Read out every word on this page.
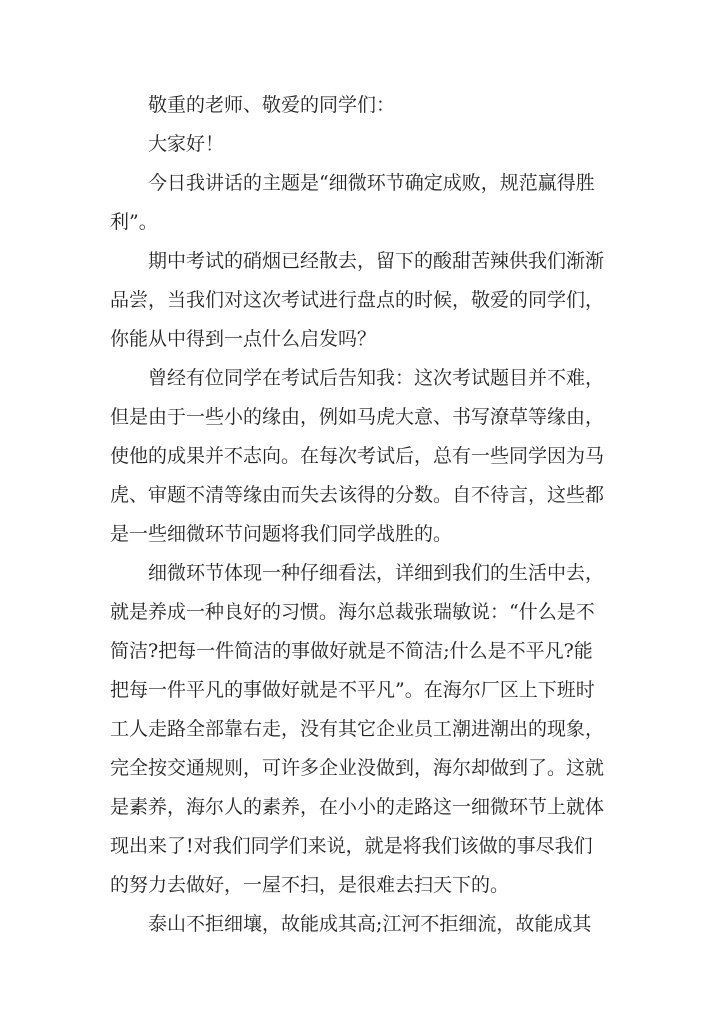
敬重的老师、敬爱的同学们：
大家好！
今日我讲话的主题是“细微环节确定成败，规范赢得胜
利”。
期中考试的硝烟已经散去，留下的酸甜苦辣供我们渐渐
品尝，当我们对这次考试进行盘点的时候，敬爱的同学们，
你能从中得到一点什么启发吗？
曾经有位同学在考试后告知我：这次考试题目并不难，
但是由于一些小的缘由，例如马虎大意、书写潦草等缘由，
使他的成果并不志向。在每次考试后，总有一些同学因为马
虎、审题不清等缘由而失去该得的分数。自不待言，这些都
是一些细微环节问题将我们同学战胜的。
细微环节体现一种仔细看法，详细到我们的生活中去，
就是养成一种良好的习惯。海尔总裁张瑞敏说：“什么是不
简洁?把每一件简洁的事做好就是不简洁;什么是不平凡?能
把每一件平凡的事做好就是不平凡”。在海尔厂区上下班时
工人走路全部靠右走，没有其它企业员工潮进潮出的现象，
完全按交通规则，可许多企业没做到，海尔却做到了。这就
是素养，海尔人的素养，在小小的走路这一细微环节上就体
现出来了!对我们同学们来说，就是将我们该做的事尽我们
的努力去做好，一屋不扫，是很难去扫天下的。
泰山不拒细壤，故能成其高;江河不拒细流，故能成其
